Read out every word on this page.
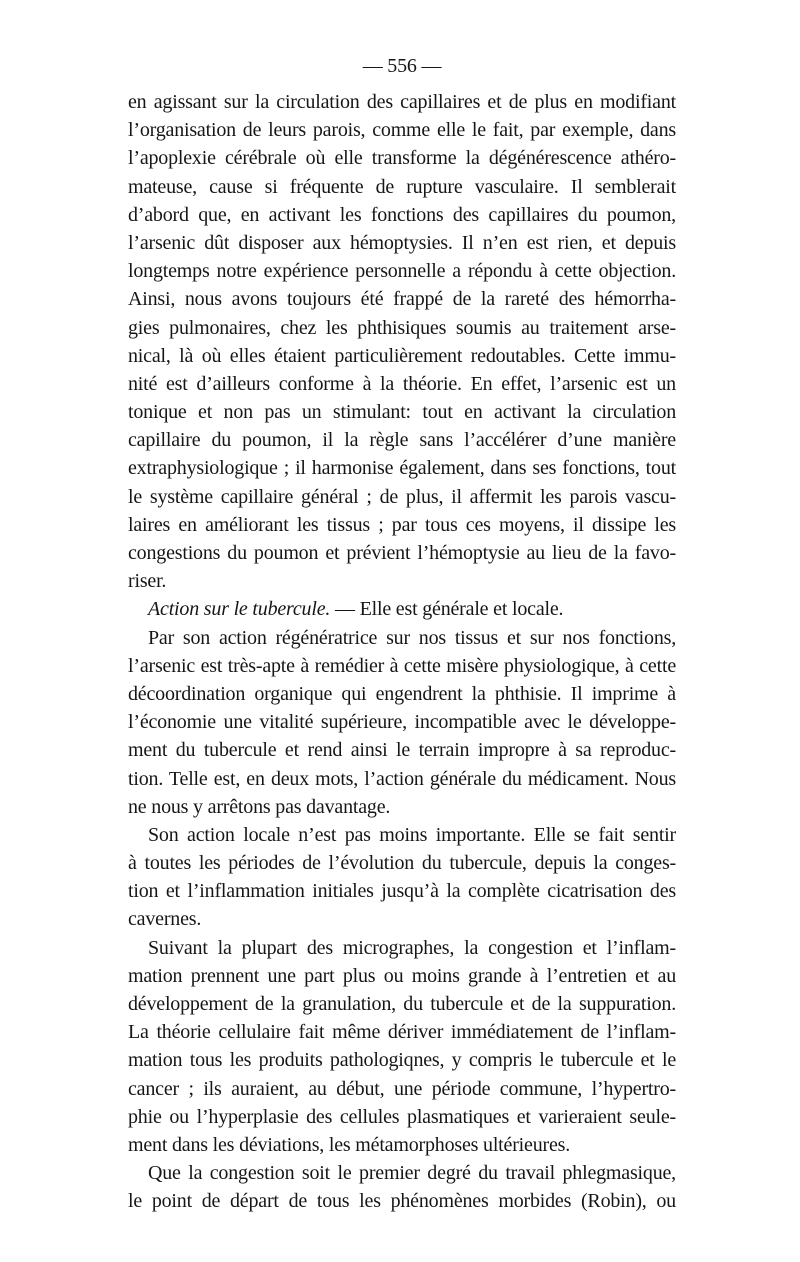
— 556 —
en agissant sur la circulation des capillaires et de plus en modifiant
l’organisation de leurs parois, comme elle le fait, par exemple, dans
l’apoplexie cérébrale où elle transforme la dégénérescence athéro-
mateuse, cause si fréquente de rupture vasculaire. Il semblerait
d’abord que, en activant les fonctions des capillaires du poumon,
l’arsenic dût disposer aux hémoptysies. Il n’en est rien, et depuis
longtemps notre expérience personnelle a répondu à cette objection.
Ainsi, nous avons toujours été frappé de la rareté des hémorrha-
gies pulmonaires, chez les phthisiques soumis au traitement arse-
nical, là où elles étaient particulièrement redoutables. Cette immu-
nité est d’ailleurs conforme à la théorie. En effet, l’arsenic est un
tonique et non pas un stimulant: tout en activant la circulation
capillaire du poumon, il la règle sans l’accélérer d’une manière
extraphysiologique ; il harmonise également, dans ses fonctions, tout
le système capillaire général ; de plus, il affermit les parois vascu-
laires en améliorant les tissus ; par tous ces moyens, il dissipe les
congestions du poumon et prévient l’hémoptysie au lieu de la favo-
riser.
Action sur le tubercule. — Elle est générale et locale.
Par son action régénératrice sur nos tissus et sur nos fonctions,
l’arsenic est très-apte à remédier à cette misère physiologique, à cette
décoordination organique qui engendrent la phthisie. Il imprime à
l’économie une vitalité supérieure, incompatible avec le développe-
ment du tubercule et rend ainsi le terrain impropre à sa reproduc-
tion. Telle est, en deux mots, l’action générale du médicament. Nous
ne nous y arrêtons pas davantage.
Son action locale n’est pas moins importante. Elle se fait sentir
à toutes les périodes de l’évolution du tubercule, depuis la conges-
tion et l’inflammation initiales jusqu’à la complète cicatrisation des
cavernes.
Suivant la plupart des micrographes, la congestion et l’inflam-
mation prennent une part plus ou moins grande à l’entretien et au
développement de la granulation, du tubercule et de la suppuration.
La théorie cellulaire fait même dériver immédiatement de l’inflam-
mation tous les produits pathologiqnes, y compris le tubercule et le
cancer ; ils auraient, au début, une période commune, l’hypertro-
phie ou l’hyperplasie des cellules plasmatiques et varieraient seule-
ment dans les déviations, les métamorphoses ultérieures.
Que la congestion soit le premier degré du travail phlegmasique,
le point de départ de tous les phénomènes morbides (Robin), ou
